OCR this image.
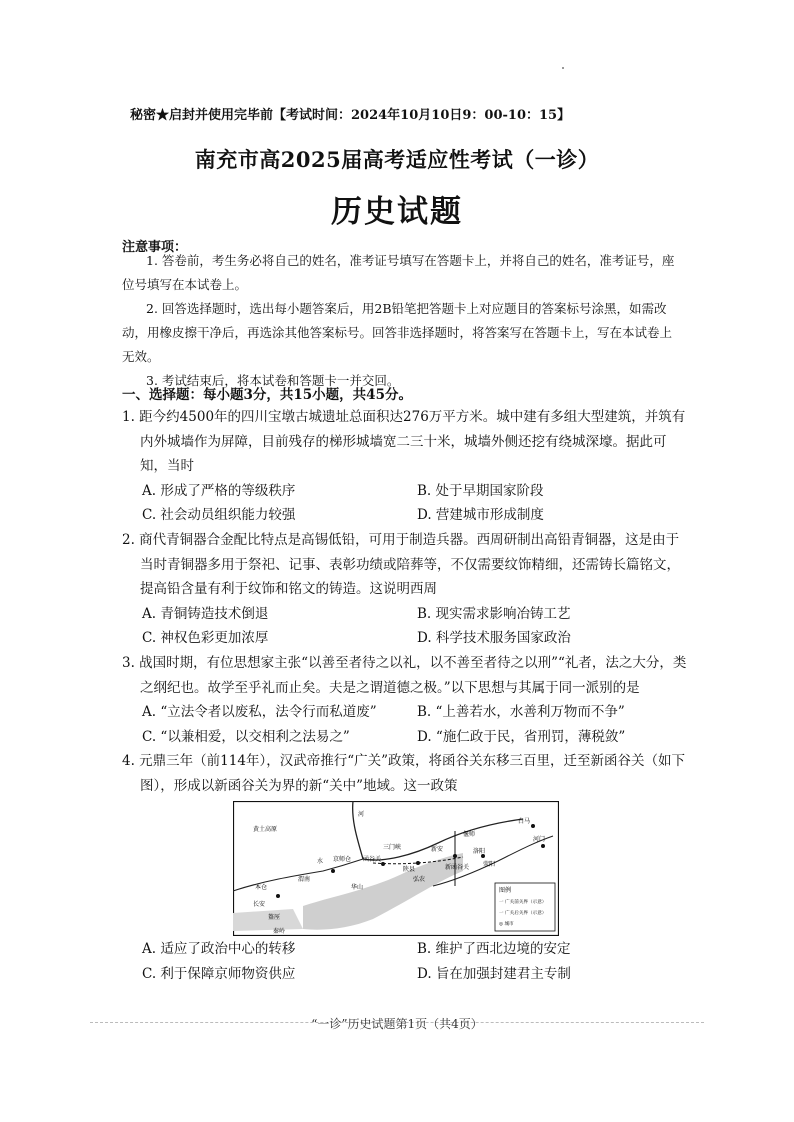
秘密★启封并使用完毕前【考试时间：2024年10月10日9：00-10：15】
南充市高2025届高考适应性考试（一诊）
历史试题
注意事项：

1. 答卷前，考生务必将自己的姓名，准考证号填写在答题卡上，并将自己的姓名，准考证号，座位号填写在本试卷上。

2. 回答选择题时，选出每小题答案后，用2B铅笔把答题卡上对应题目的答案标号涂黑，如需改动，用橡皮擦干净后，再选涂其他答案标号。回答非选择题时，将答案写在答题卡上，写在本试卷上无效。

3. 考试结束后，将本试卷和答题卡一并交回。

一、选择题：每小题3分，共15小题，共45分。

1. 距今约4500年的四川宝墩古城遗址总面积达276万平方米。城中建有多组大型建筑，并筑有内外城墙作为屏障，目前残存的梯形城墙宽二三十米，城墙外侧还挖有绕城深壕。据此可知，当时

A. 形成了严格的等级秩序	B. 处于早期国家阶段
C. 社会动员组织能力较强	D. 营建城市形成制度

2. 商代青铜器合金配比特点是高锡低铅，可用于制造兵器。西周研制出高铅青铜器，这是由于当时青铜器多用于祭祀、记事、表彰功绩或陪葬等，不仅需要纹饰精细，还需铸长篇铭文，提高铅含量有利于纹饰和铭文的铸造。这说明西周

A. 青铜铸造技术倒退	B. 现实需求影响冶铸工艺
C. 神权色彩更加浓厚	D. 科学技术服务国家政治

3. 战国时期，有位思想家主张“以善至者待之以礼，以不善至者待之以刑”“礼者，法之大分，类之纲纪也。故学至乎礼而止矣。夫是之谓道德之极。”以下思想与其属于同一派别的是

A. “立法令者以废私，法令行而私道废”	B. “上善若水，水善利万物而不争”
C. “以兼相爱，以交相利之法易之”	D. “施仁政于民，省刑罚，薄税敛”

4. 元鼎三年（前114年），汉武帝推行“广关”政策，将函谷关东移三百里，迁至新函谷关（如下图），形成以新函谷关为界的新“关中”地域。这一政策

黄土高原
河
水 京师仓 函谷关
新安
偃师
洛阳
白马
河门
荥阳
新函谷关
陕县
弘农
华山
渭南
长安
盩厔
本仓
秦岭
三门峡
图例
一 广关前关界（示意）
一 广关后关界（示意）
◎ 城市
A. 适应了政治中心的转移	B. 维护了西北边境的安定
C. 利于保障京师物资供应	D. 旨在加强封建君主专制
“一诊”历史试题第1页（共4页）
